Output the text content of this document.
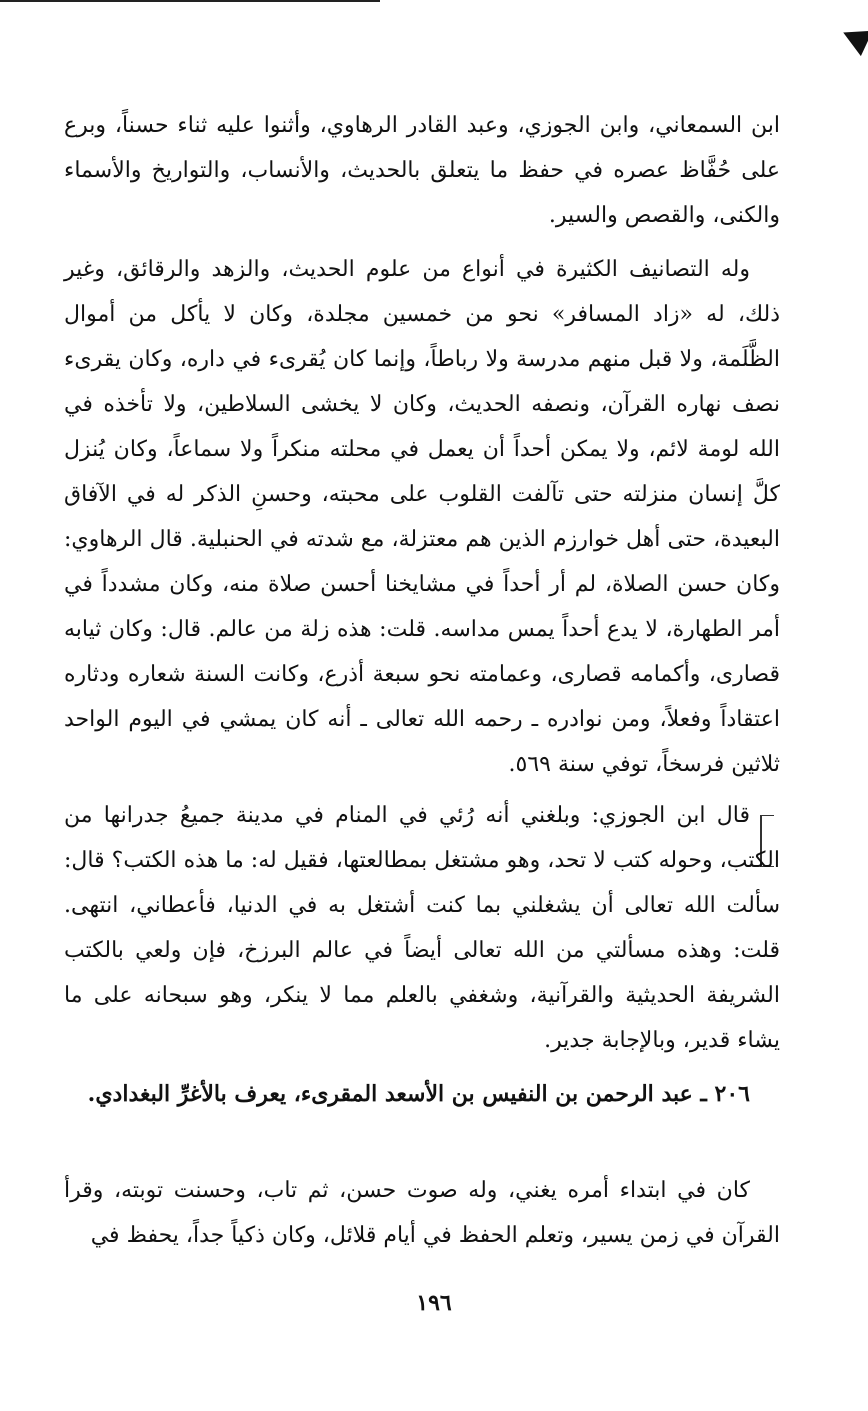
ابن السمعاني، وابن الجوزي، وعبد القادر الرهاوي، وأثنوا عليه ثناء حسناً، وبرع على حُفَّاظ عصره في حفظ ما يتعلق بالحديث، والأنساب، والتواريخ والأسماء والكنى، والقصص والسير.

وله التصانيف الكثيرة في أنواع من علوم الحديث، والزهد والرقائق، وغير ذلك، له «زاد المسافر» نحو من خمسين مجلدة، وكان لا يأكل من أموال الظَّلَمة، ولا قبل منهم مدرسة ولا رباطاً، وإنما كان يُقرىء في داره، وكان يقرىء نصف نهاره القرآن، ونصفه الحديث، وكان لا يخشى السلاطين، ولا تأخذه في الله لومة لائم، ولا يمكن أحداً أن يعمل في محلته منكراً ولا سماعاً، وكان يُنزل كلَّ إنسان منزلته حتى تآلفت القلوب على محبته، وحسنِ الذكر له في الآفاق البعيدة، حتى أهل خوارزم الذين هم معتزلة، مع شدته في الحنبلية. قال الرهاوي: وكان حسن الصلاة، لم أر أحداً في مشايخنا أحسن صلاة منه، وكان مشدداً في أمر الطهارة، لا يدع أحداً يمس مداسه. قلت: هذه زلة من عالم. قال: وكان ثيابه قصارى، وأكمامه قصارى، وعمامته نحو سبعة أذرع، وكانت السنة شعاره ودثاره اعتقاداً وفعلاً، ومن نوادره ـ رحمه الله تعالى ـ أنه كان يمشي في اليوم الواحد ثلاثين فرسخاً، توفي سنة ٥٦٩.

قال ابن الجوزي: وبلغني أنه رُئي في المنام في مدينة جميعُ جدرانها من الكتب، وحوله كتب لا تحد، وهو مشتغل بمطالعتها، فقيل له: ما هذه الكتب؟ قال: سألت الله تعالى أن يشغلني بما كنت أشتغل به في الدنيا، فأعطاني، انتهى. قلت: وهذه مسألتي من الله تعالى أيضاً في عالم البرزخ، فإن ولعي بالكتب الشريفة الحديثية والقرآنية، وشغفي بالعلم مما لا ينكر، وهو سبحانه على ما يشاء قدير، وبالإجابة جدير.

٢٠٦ ـ عبد الرحمن بن النفيس بن الأسعد المقرىء، يعرف بالأغرِّ البغدادي.

كان في ابتداء أمره يغني، وله صوت حسن، ثم تاب، وحسنت توبته، وقرأ القرآن في زمن يسير، وتعلم الحفظ في أيام قلائل، وكان ذكياً جداً، يحفظ في

١٩٦
